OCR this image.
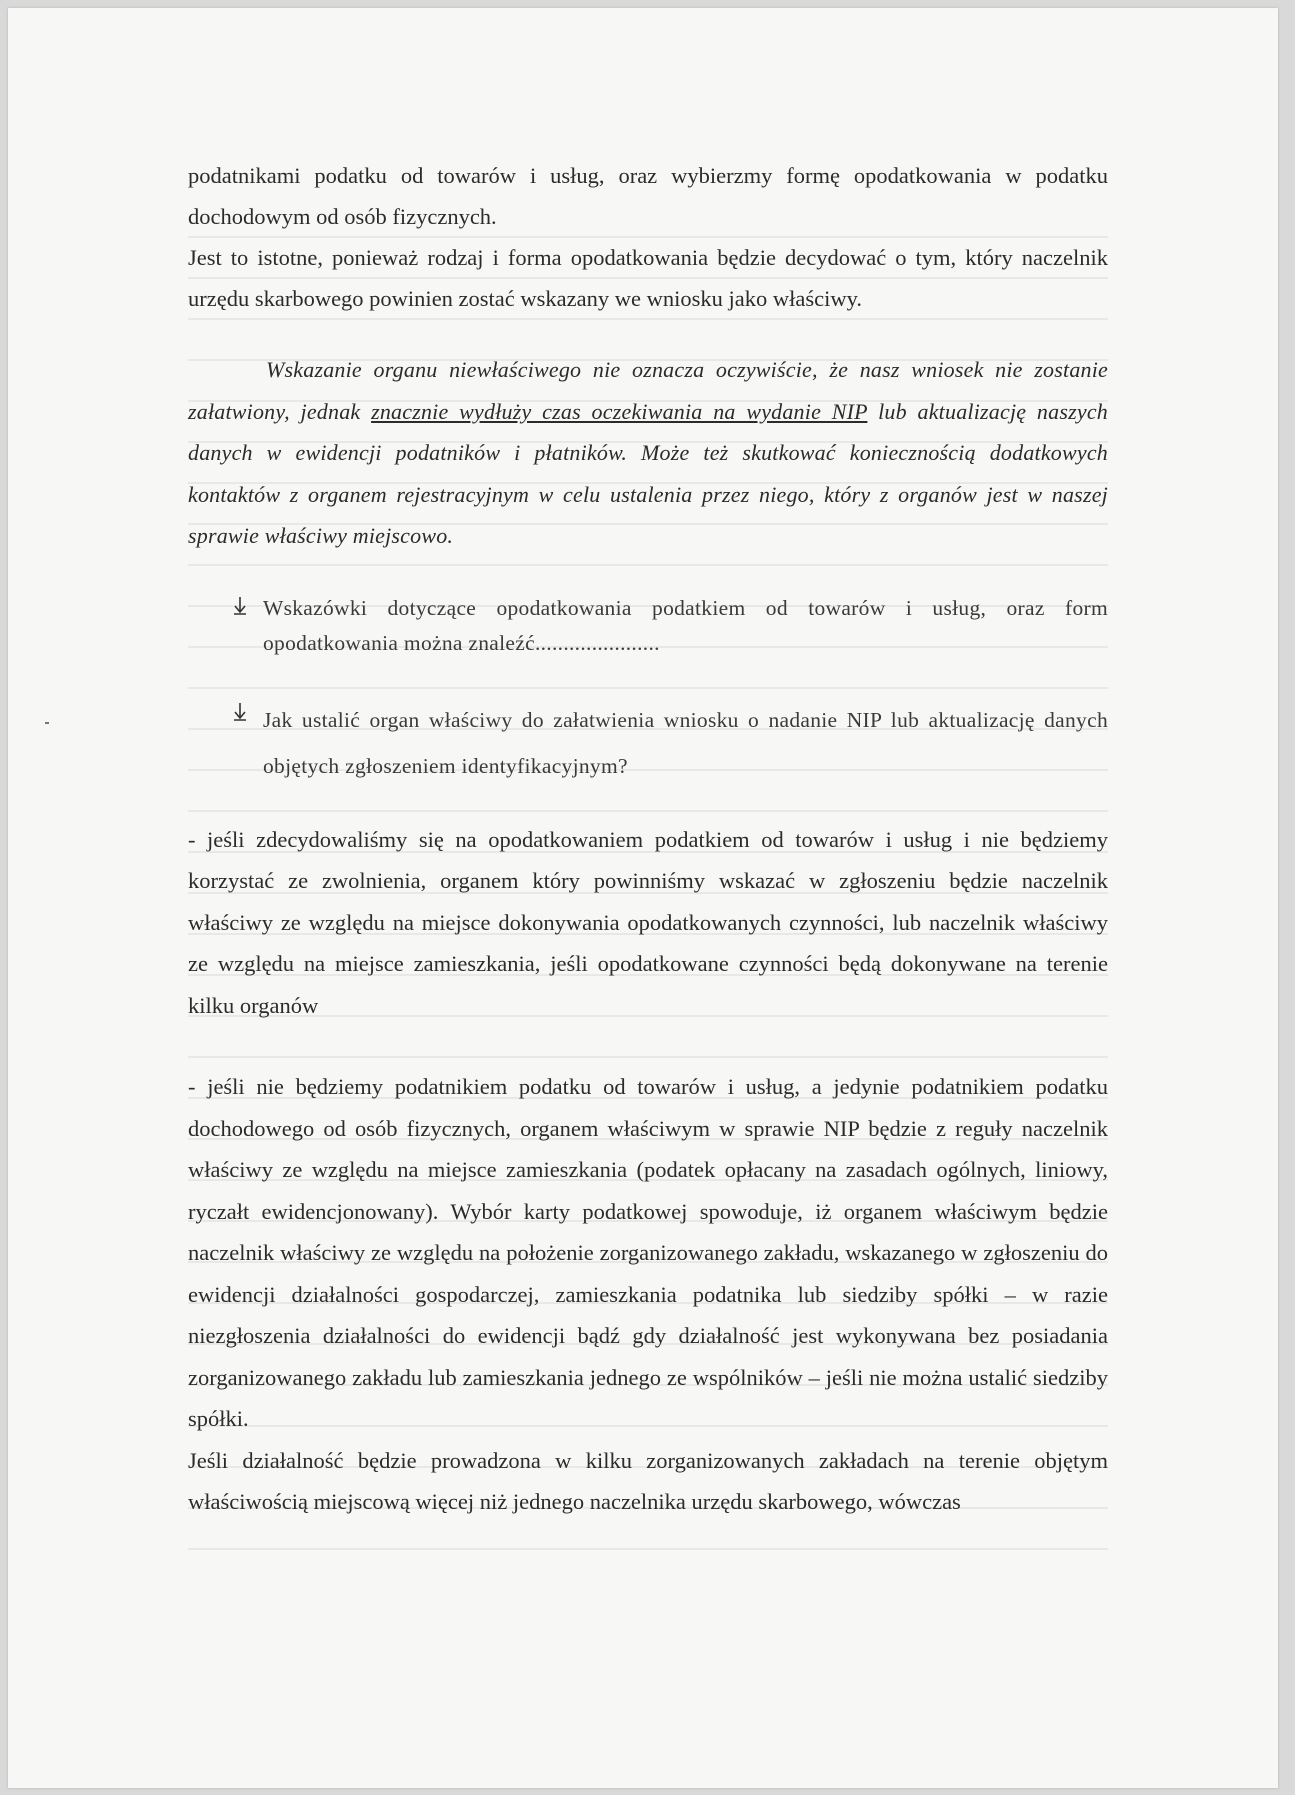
podatnikami podatku od towarów i usług, oraz wybierzmy formę opodatkowania w podatku dochodowym od osób fizycznych.

Jest to istotne, ponieważ rodzaj i forma opodatkowania będzie decydować o tym, który naczelnik urzędu skarbowego powinien zostać wskazany we wniosku jako właściwy.

Wskazanie organu niewłaściwego nie oznacza oczywiście, że nasz wniosek nie zostanie załatwiony, jednak znacznie wydłuży czas oczekiwania na wydanie NIP lub aktualizację naszych danych w ewidencji podatników i płatników. Może też skutkować koniecznością dodatkowych kontaktów z organem rejestracyjnym w celu ustalenia przez niego, który z organów jest w naszej sprawie właściwy miejscowo.

Wskazówki dotyczące opodatkowania podatkiem od towarów i usług, oraz form opodatkowania można znaleźć......................

Jak ustalić organ właściwy do załatwienia wniosku o nadanie NIP lub aktualizację danych objętych zgłoszeniem identyfikacyjnym?

- jeśli zdecydowaliśmy się na opodatkowaniem podatkiem od towarów i usług i nie będziemy korzystać ze zwolnienia, organem który powinniśmy wskazać w zgłoszeniu będzie naczelnik właściwy ze względu na miejsce dokonywania opodatkowanych czynności, lub naczelnik właściwy ze względu na miejsce zamieszkania, jeśli opodatkowane czynności będą dokonywane na terenie kilku organów

- jeśli nie będziemy podatnikiem podatku od towarów i usług, a jedynie podatnikiem podatku dochodowego od osób fizycznych, organem właściwym w sprawie NIP będzie z reguły naczelnik właściwy ze względu na miejsce zamieszkania (podatek opłacany na zasadach ogólnych, liniowy, ryczałt ewidencjonowany). Wybór karty podatkowej spowoduje, iż organem właściwym będzie naczelnik właściwy ze względu na położenie zorganizowanego zakładu, wskazanego w zgłoszeniu do ewidencji działalności gospodarczej, zamieszkania podatnika lub siedziby spółki – w razie niezgłoszenia działalności do ewidencji bądź gdy działalność jest wykonywana bez posiadania zorganizowanego zakładu lub zamieszkania jednego ze wspólników – jeśli nie można ustalić siedziby spółki.

Jeśli działalność będzie prowadzona w kilku zorganizowanych zakładach na terenie objętym właściwością miejscową więcej niż jednego naczelnika urzędu skarbowego, wówczas
